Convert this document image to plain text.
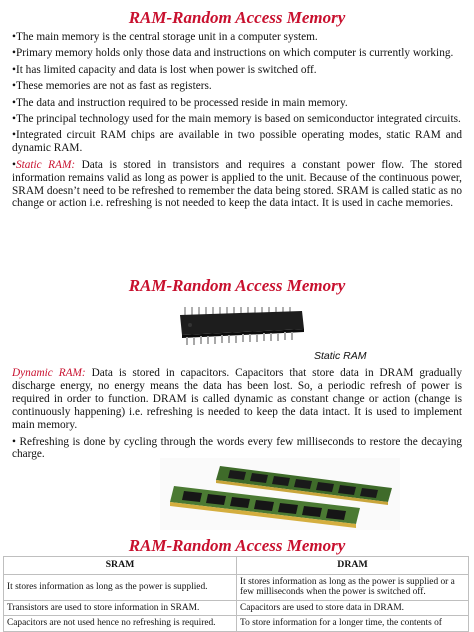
RAM-Random Access Memory

•The main memory is the central storage unit in a computer system.

•Primary memory holds only those data and instructions on which computer is currently working.

•It has limited capacity and data is lost when power is switched off.

•These memories are not as fast as registers.

•The data and instruction required to be processed reside in main memory.

•The principal technology used for the main memory is based on semiconductor integrated circuits.

•Integrated circuit RAM chips are available in two possible operating modes, static RAM and dynamic RAM.

•Static RAM: Data is stored in transistors and requires a constant power flow. The stored information remains valid as long as power is applied to the unit. Because of the continuous power, SRAM doesn’t need to be refreshed to remember the data being stored. SRAM is called static as no change or action i.e. refreshing is not needed to keep the data intact. It is used in cache memories.

RAM-Random Access Memory
Static RAM

Dynamic RAM: Data is stored in capacitors. Capacitors that store data in DRAM gradually discharge energy, no energy means the data has been lost. So, a periodic refresh of power is required in order to function. DRAM is called dynamic as constant change or action (change is continuously happening) i.e. refreshing is needed to keep the data intact. It is used to implement main memory.

• Refreshing is done by cycling through the words every few milliseconds to restore the decaying charge.

RAM-Random Access Memory
SRAM	DRAM
It stores information as long as the power is supplied.	It stores information as long as the power is supplied or a few milliseconds when the power is switched off.
Transistors are used to store information in SRAM.	Capacitors are used to store data in DRAM.
Capacitors are not used hence no refreshing is required.	To store information for a longer time, the contents of
